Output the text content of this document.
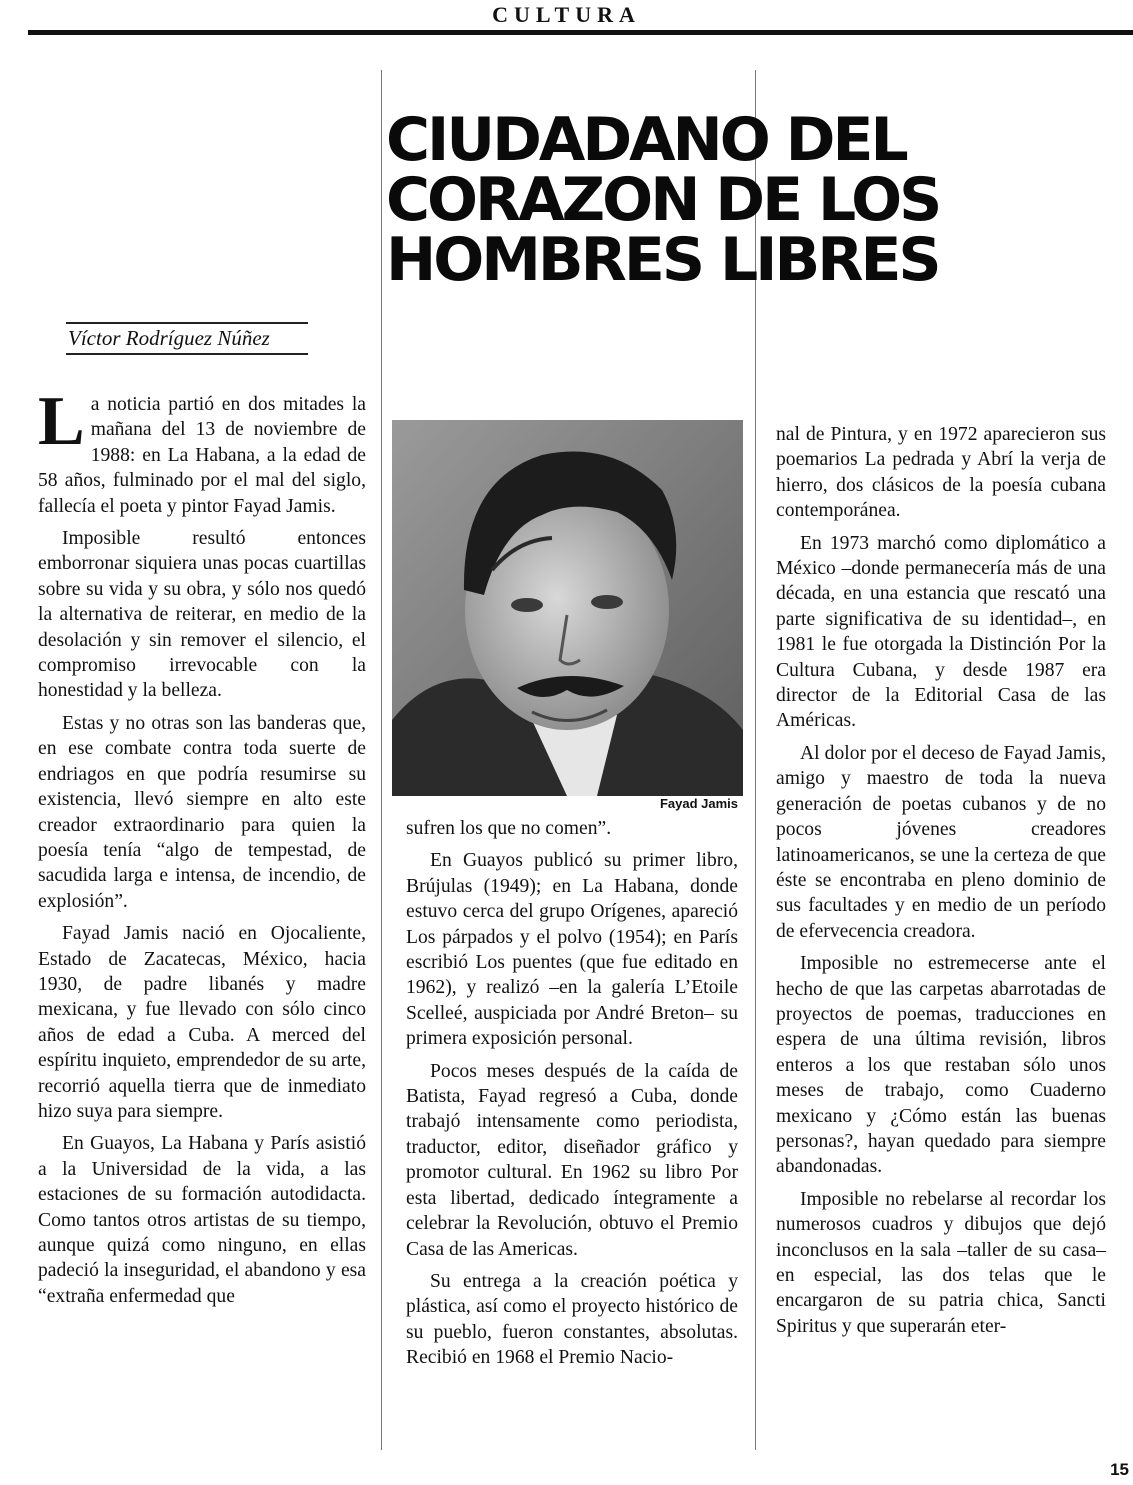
CULTURA
CIUDADANO DEL
CORAZON DE LOS
HOMBRES LIBRES
Víctor Rodríguez Núñez

La noticia partió en dos mitades la mañana del 13 de noviembre de 1988: en La Habana, a la edad de 58 años, fulminado por el mal del siglo, fallecía el poeta y pintor Fayad Jamis.

Imposible resultó entonces emborronar siquiera unas pocas cuartillas sobre su vida y su obra, y sólo nos quedó la alternativa de reiterar, en medio de la desolación y sin remover el silencio, el compromiso irrevocable con la honestidad y la belleza.

Estas y no otras son las banderas que, en ese combate contra toda suerte de endriagos en que podría resumirse su existencia, llevó siempre en alto este creador extraordinario para quien la poesía tenía “algo de tempestad, de sacudida larga e intensa, de incendio, de explosión”.

Fayad Jamis nació en Ojocaliente, Estado de Zacatecas, México, hacia 1930, de padre libanés y madre mexicana, y fue llevado con sólo cinco años de edad a Cuba. A merced del espíritu inquieto, emprendedor de su arte, recorrió aquella tierra que de inmediato hizo suya para siempre.

En Guayos, La Habana y París asistió a la Universidad de la vida, a las estaciones de su formación autodidacta. Como tantos otros artistas de su tiempo, aunque quizá como ninguno, en ellas padeció la inseguridad, el abandono y esa “extraña enfermedad que

Fayad Jamis

sufren los que no comen”.

En Guayos publicó su primer libro, Brújulas (1949); en La Habana, donde estuvo cerca del grupo Orígenes, apareció Los párpados y el polvo (1954); en París escribió Los puentes (que fue editado en 1962), y realizó –en la galería L’Etoile Scelleé, auspiciada por André Breton– su primera exposición personal.

Pocos meses después de la caída de Batista, Fayad regresó a Cuba, donde trabajó intensamente como periodista, traductor, editor, diseñador gráfico y promotor cultural. En 1962 su libro Por esta libertad, dedicado íntegramente a celebrar la Revolución, obtuvo el Premio Casa de las Americas.

Su entrega a la creación poética y plástica, así como el proyecto histórico de su pueblo, fueron constantes, absolutas. Recibió en 1968 el Premio Nacio-

nal de Pintura, y en 1972 aparecieron sus poemarios La pedrada y Abrí la verja de hierro, dos clásicos de la poesía cubana contemporánea.

En 1973 marchó como diplomático a México –donde permanecería más de una década, en una estancia que rescató una parte significativa de su identidad–, en 1981 le fue otorgada la Distinción Por la Cultura Cubana, y desde 1987 era director de la Editorial Casa de las Américas.

Al dolor por el deceso de Fayad Jamis, amigo y maestro de toda la nueva generación de poetas cubanos y de no pocos jóvenes creadores latinoamericanos, se une la certeza de que éste se encontraba en pleno dominio de sus facultades y en medio de un período de efervecencia creadora.

Imposible no estremecerse ante el hecho de que las carpetas abarrotadas de proyectos de poemas, traducciones en espera de una última revisión, libros enteros a los que restaban sólo unos meses de trabajo, como Cuaderno mexicano y ¿Cómo están las buenas personas?, hayan quedado para siempre abandonadas.

Imposible no rebelarse al recordar los numerosos cuadros y dibujos que dejó inconclusos en la sala –taller de su casa– en especial, las dos telas que le encargaron de su patria chica, Sancti Spiritus y que superarán eter-

15
